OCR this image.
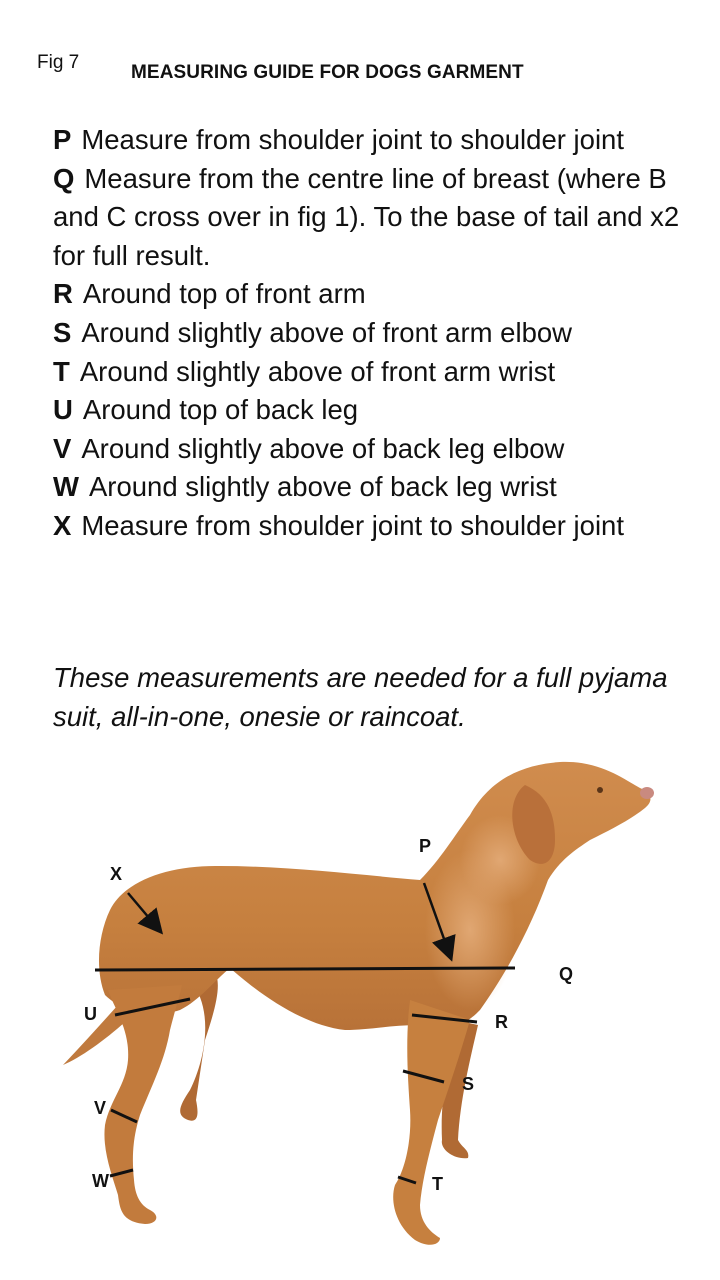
Fig 7	MEASURING GUIDE FOR DOGS GARMENT

P Measure from shoulder joint to shoulder joint

Q Measure from the centre line of breast (where B and C cross over in fig 1). To the base of tail and x2 for full result.

R Around top of front arm

S Around slightly above of front arm elbow

T Around slightly above of front arm wrist

U Around top of back leg

V Around slightly above of back leg elbow

W Around slightly above of back leg wrist

X Measure from shoulder joint to shoulder joint

These measurements are needed for a full pyjama suit, all-in-one, onesie or raincoat.
X
P
Q
U	R
S
V
W	T
